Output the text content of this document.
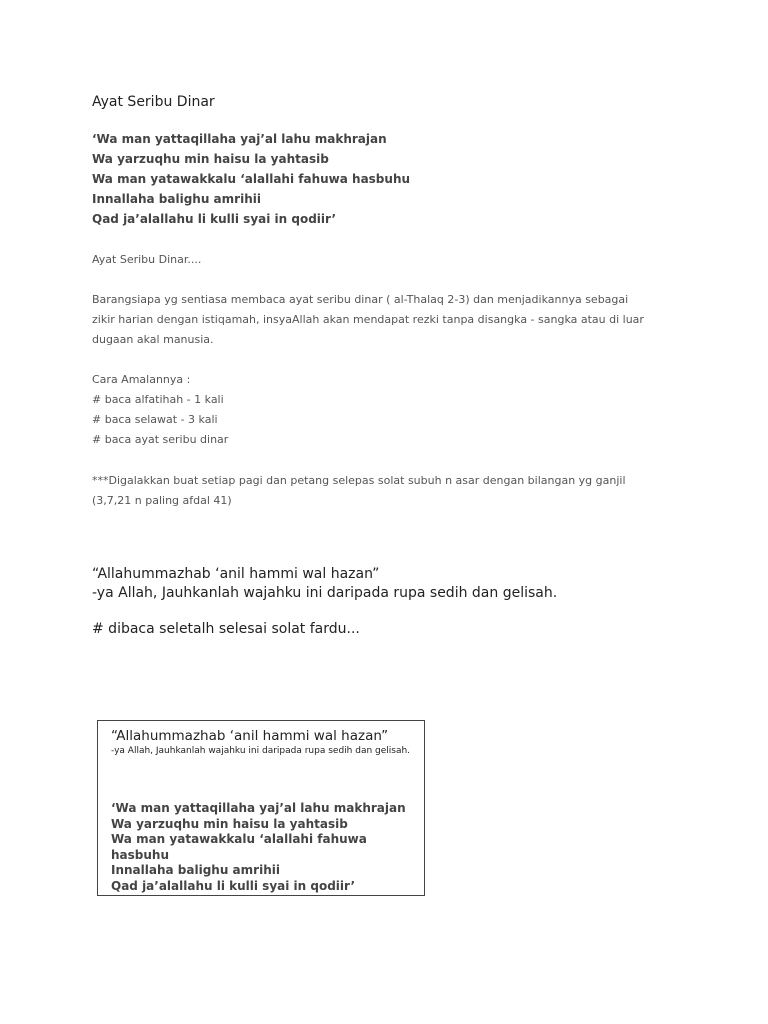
Ayat Seribu Dinar
‘Wa man yattaqillaha yaj’al lahu makhrajan
Wa yarzuqhu min haisu la yahtasib
Wa man yatawakkalu ‘alallahi fahuwa hasbuhu
Innallaha balighu amrihii
Qad ja’alallahu li kulli syai in qodiir’
Ayat Seribu Dinar....
Barangsiapa yg sentiasa membaca ayat seribu dinar ( al-Thalaq 2-3) dan menjadikannya sebagai
zikir harian dengan istiqamah, insyaAllah akan mendapat rezki tanpa disangka - sangka atau di luar
dugaan akal manusia.
Cara Amalannya :
# baca alfatihah - 1 kali
# baca selawat - 3 kali
# baca ayat seribu dinar
***Digalakkan buat setiap pagi dan petang selepas solat subuh n asar dengan bilangan yg ganjil
(3,7,21 n paling afdal 41)
“Allahummazhab ‘anil hammi wal hazan”
-ya Allah, Jauhkanlah wajahku ini daripada rupa sedih dan gelisah.
# dibaca seletalh selesai solat fardu...
“Allahummazhab ‘anil hammi wal hazan”
-ya Allah, Jauhkanlah wajahku ini daripada rupa sedih dan gelisah.
‘Wa man yattaqillaha yaj’al lahu makhrajan
Wa yarzuqhu min haisu la yahtasib
Wa man yatawakkalu ‘alallahi fahuwa
hasbuhu
Innallaha balighu amrihii
Qad ja’alallahu li kulli syai in qodiir’
